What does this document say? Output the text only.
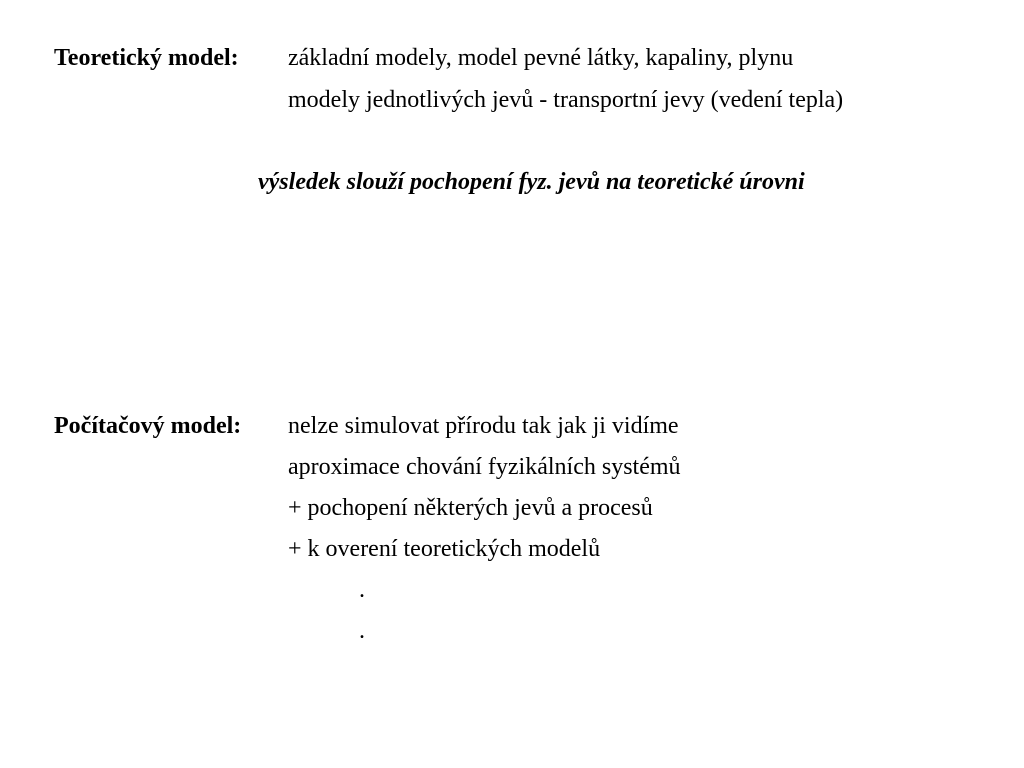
Teoretický model: základní modely, model pevné látky, kapaliny, plynu
modely jednotlivých jevů - transportní jevy (vedení tepla)
výsledek slouží pochopení fyz. jevů na teoretické úrovni
Počítačový model: nelze simulovat přírodu tak jak ji vidíme
aproximace chování fyzikálních systémů
+ pochopení některých jevů a procesů
+ k overení teoretických modelů
.
.
